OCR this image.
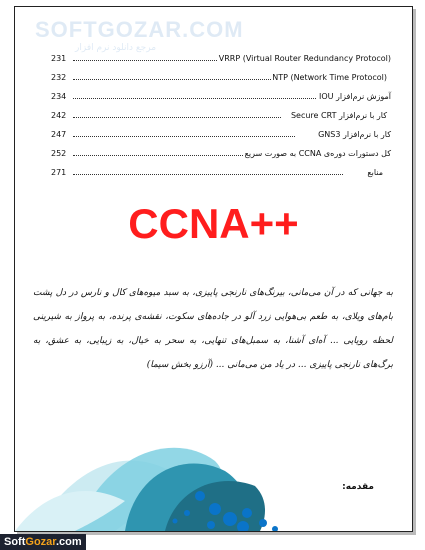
SOFTGOZAR.COM
مرجع دانلود نرم افزار
231	VRRP (Virtual Router Redundancy Protocol)
232	NTP (Network Time Protocol)
234	آموزش نرم‌افزار IOU
242	کار با نرم‌افزار Secure CRT
247	کار با نرم‌افزار GNS3
252	کل دستورات دوره‌ی CCNA به صورت سریع
271	منابع
CCNA++
به جهانی که در آن می‌مانی، بیرنگ‌های نارنجی پاییزی، به سبد میوه‌های کال و نارس در دل پشت بام‌های ویلای، به طعم بی‌هوایی زرد آلو در جاده‌های سکوت، نقشه‌ی پرنده، به پرواز به شیرینی لحظه رویایی ... آه‌ای آشنا، به سمبل‌های تنهایی، به سحر به خیال، به زیبایی، به عشق، به برگ‌های نارنجی پاییزی ... در یاد من می‌مانی ... (آرزو بخش سیما)
مقدمه:
SoftGozar.com
